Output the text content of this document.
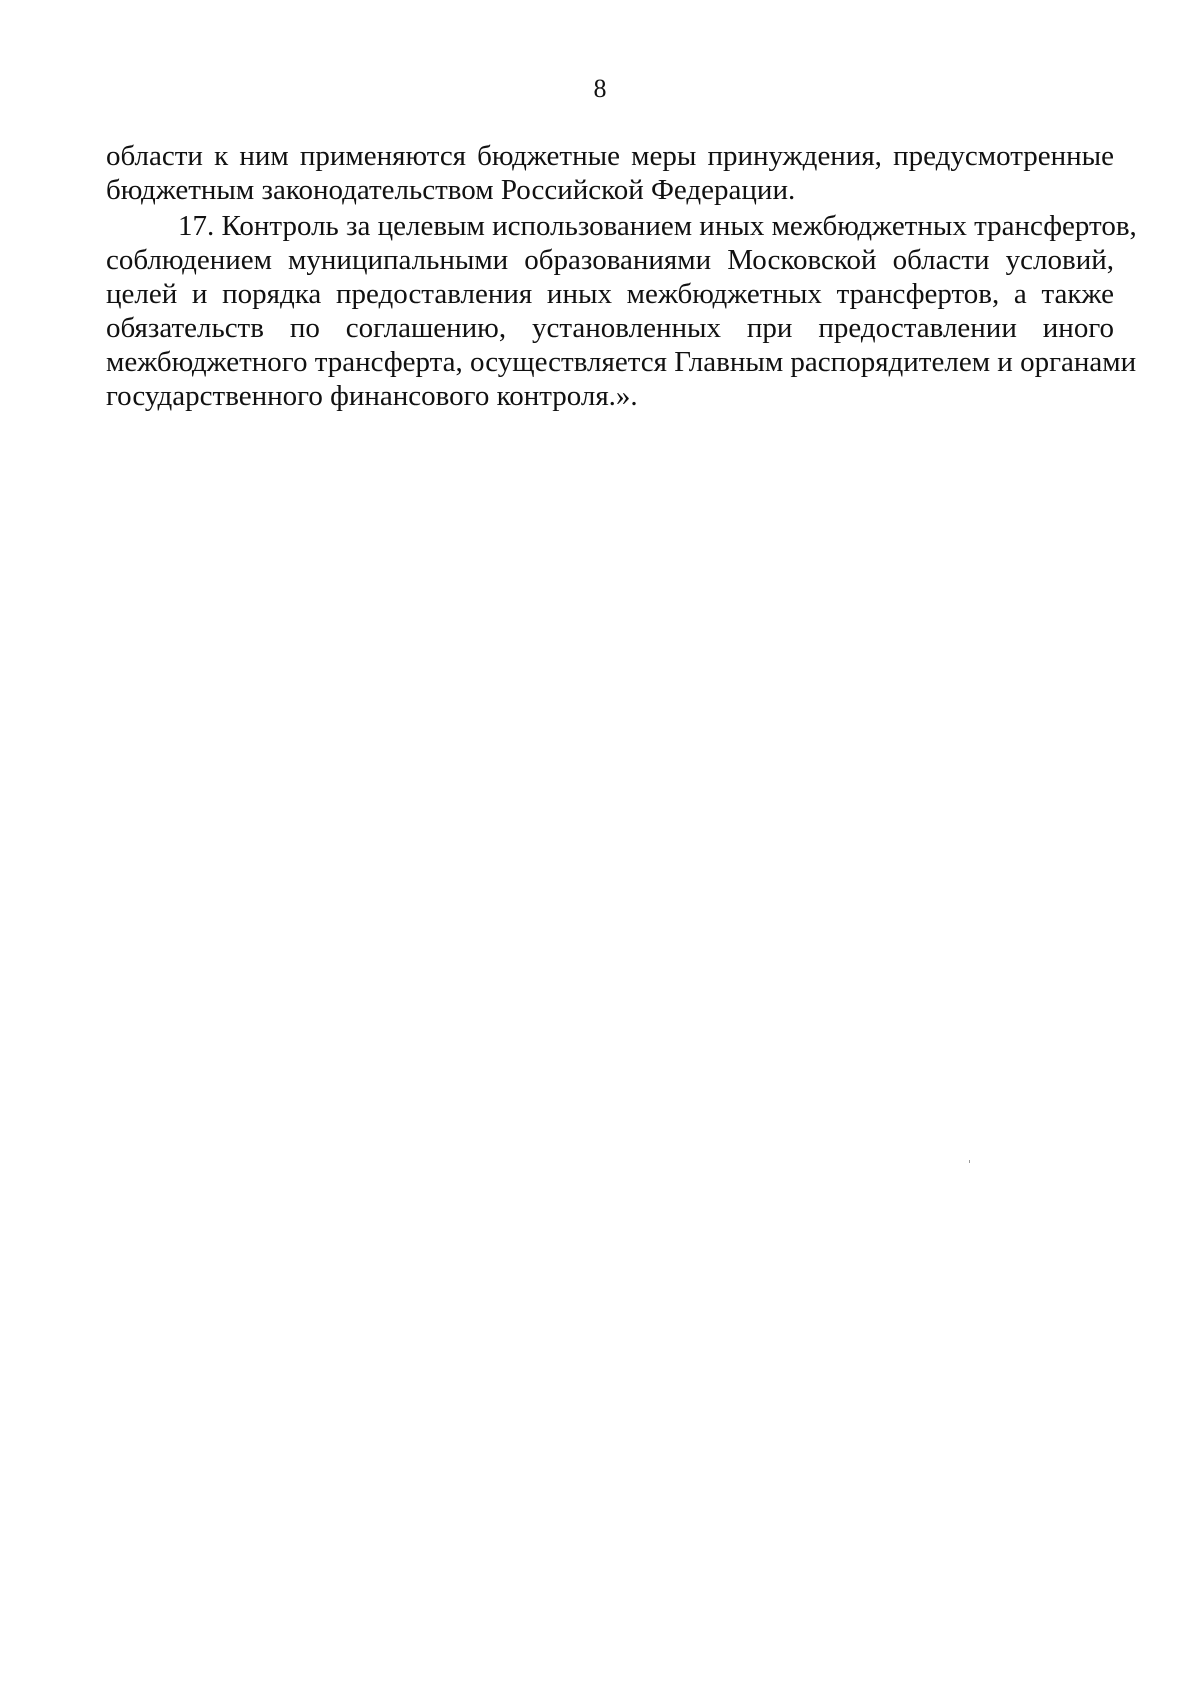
8
области к ним применяются бюджетные меры принуждения, предусмотренные
бюджетным законодательством Российской Федерации.
17. Контроль за целевым использованием иных межбюджетных трансфертов,
соблюдением муниципальными образованиями Московской области условий,
целей и порядка предоставления иных межбюджетных трансфертов, а также
обязательств по соглашению, установленных при предоставлении иного
межбюджетного трансферта, осуществляется Главным распорядителем и органами
государственного финансового контроля.».
